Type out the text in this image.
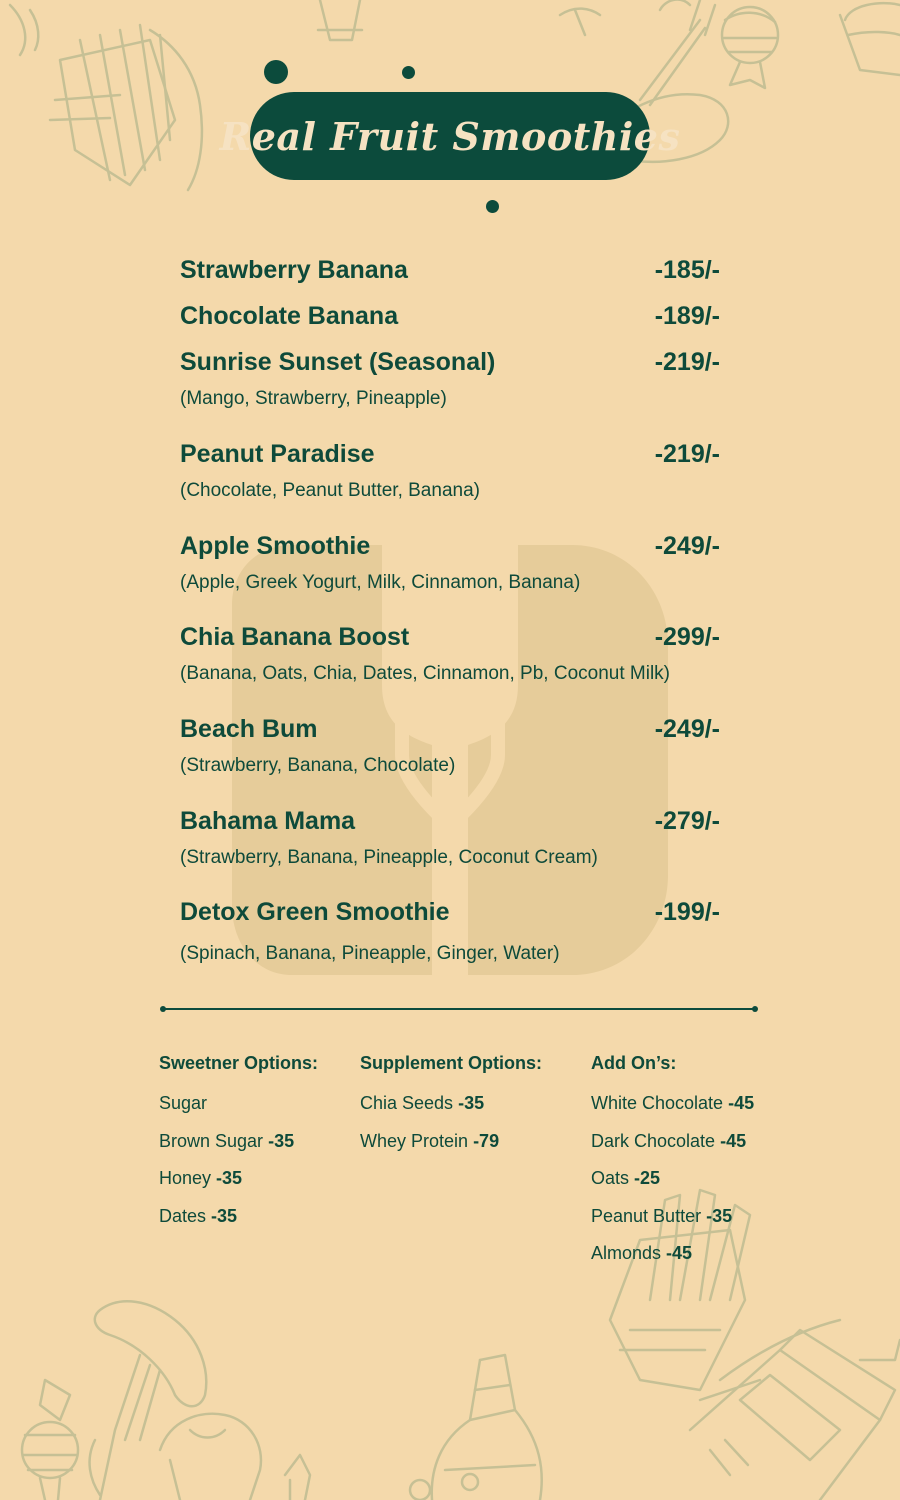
Real Fruit Smoothies
Strawberry Banana	-185/-
Chocolate Banana	-189/-
Sunrise Sunset (Seasonal)	-219/-
(Mango, Strawberry, Pineapple)
Peanut Paradise	-219/-
(Chocolate, Peanut Butter, Banana)
Apple Smoothie	-249/-
(Apple, Greek Yogurt, Milk, Cinnamon, Banana)
Chia Banana Boost	-299/-
(Banana, Oats, Chia, Dates, Cinnamon, Pb, Coconut Milk)
Beach Bum	-249/-
(Strawberry, Banana, Chocolate)
Bahama Mama	-279/-
(Strawberry, Banana, Pineapple, Coconut Cream)
Detox Green Smoothie	-199/-
(Spinach, Banana, Pineapple, Ginger, Water)
Sweetner Options:
Sugar
Brown Sugar -35
Honey -35
Dates -35
Supplement Options:
Chia Seeds -35
Whey Protein -79
Add On’s:
White Chocolate -45
Dark Chocolate -45
Oats -25
Peanut Butter -35
Almonds -45
